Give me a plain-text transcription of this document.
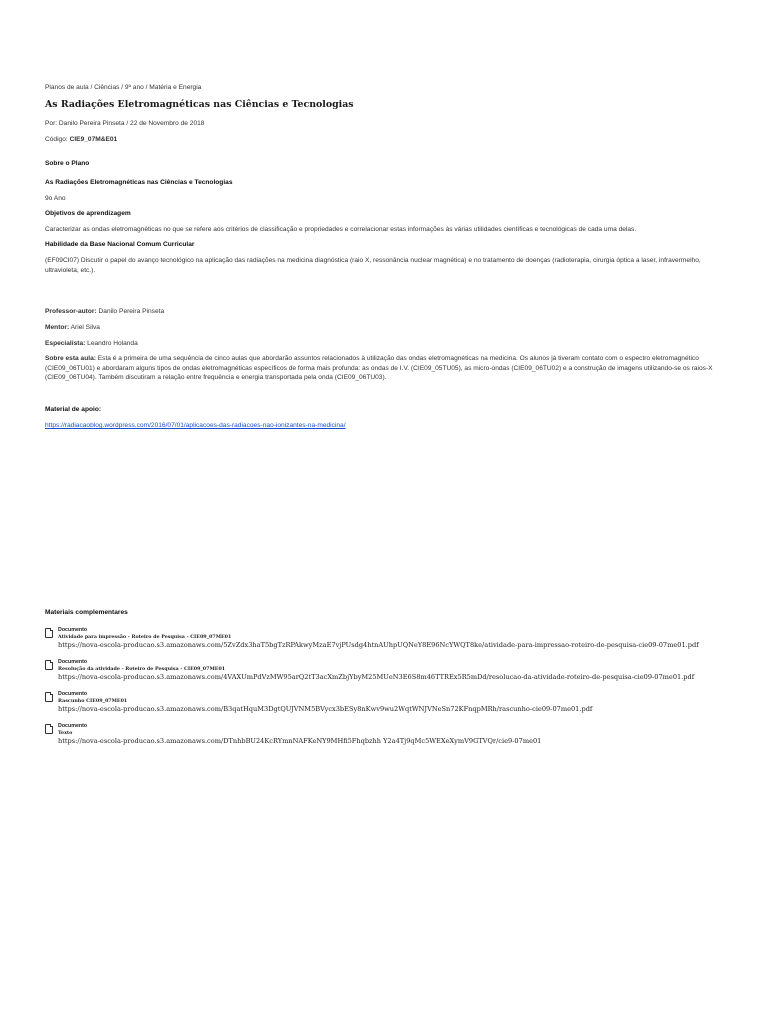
Planos de aula / Ciências / 9º ano / Matéria e Energia
As Radiações Eletromagnéticas nas Ciências e Tecnologias
Por: Danilo Pereira Pinseta / 22 de Novembro de 2018
Código: CIE9_07M&E01
Sobre o Plano
As Radiações Eletromagnéticas nas Ciências e Tecnologias
9o Ano
Objetivos de aprendizagem
Caracterizar as ondas eletromagnéticas no que se refere aos critérios de classificação e propriedades e correlacionar estas informações às várias utilidades científicas e tecnológicas de cada uma delas.
Habilidade da Base Nacional Comum Curricular
(EF09CI07) Discutir o papel do avanço tecnológico na aplicação das radiações na medicina diagnóstica (raio X, ressonância nuclear magnética) e no tratamento de doenças (radioterapia, cirurgia óptica a laser, infravermelho, ultravioleta, etc.).
Professor-autor: Danilo Pereira Pinseta
Mentor: Ariel Silva
Especialista: Leandro Holanda
Sobre esta aula: Esta é a primeira de uma sequência de cinco aulas que abordarão assuntos relacionados à utilização das ondas eletromagnéticas na medicina. Os alunos já tiveram contato com o espectro eletromagnético (CIE09_06TU01) e abordaram alguns tipos de ondas eletromagnéticas específicos de forma mais profunda: as ondas de I.V. (CIE09_05TU05), as micro-ondas (CIE09_06TU02) e a construção de imagens utilizando-se os raios-X (CIE09_06TU04). Também discutiram a relação entre frequência e energia transportada pela onda (CIE09_06TU03).
Material de apoio:
https://radiacaoblog.wordpress.com/2016/07/01/aplicacoes-das-radiacoes-nao-ionizantes-na-medicina/
Materiais complementares
Documento
Atividade para impressão - Roteiro de Pesquisa - CIE09_07ME01
https://nova-escola-producao.s3.amazonaws.com/5ZvZdx3haT5bgTzRPAkwyMzaE7vjPUsdg4htnAUhpUQNeY8E96NcYWQT8ke/atividade-para-impressao-roteiro-de-pesquisa-cie09-07me01.pdf
Documento
Resolução da atividade - Roteiro de Pesquisa - CIE09_07ME01
https://nova-escola-producao.s3.amazonaws.com/4VAXUmPdVzMW95arQ2tT3acXmZbjYbyM25MUeN3E6S8m46TTREx5R5mDd/resolucao-da-atividade-roteiro-de-pesquisa-cie09-07me01.pdf
Documento
Rascunho CIE09_07ME01
https://nova-escola-producao.s3.amazonaws.com/B3qatHquM3DgtQUJVNM5BVycx3bESy8nKwv9wu2WqtWNJVNeSn72KFnqpMRh/rascunho-cie09-07me01.pdf
Documento
Texto
https://nova-escola-producao.s3.amazonaws.com/DTnhbBU24KcRYmnNAFKeNY9MHfi5Fhqbzhh Y2a4Tj9qMc5WEXeXymV9GTVQr/cie9-07me01
